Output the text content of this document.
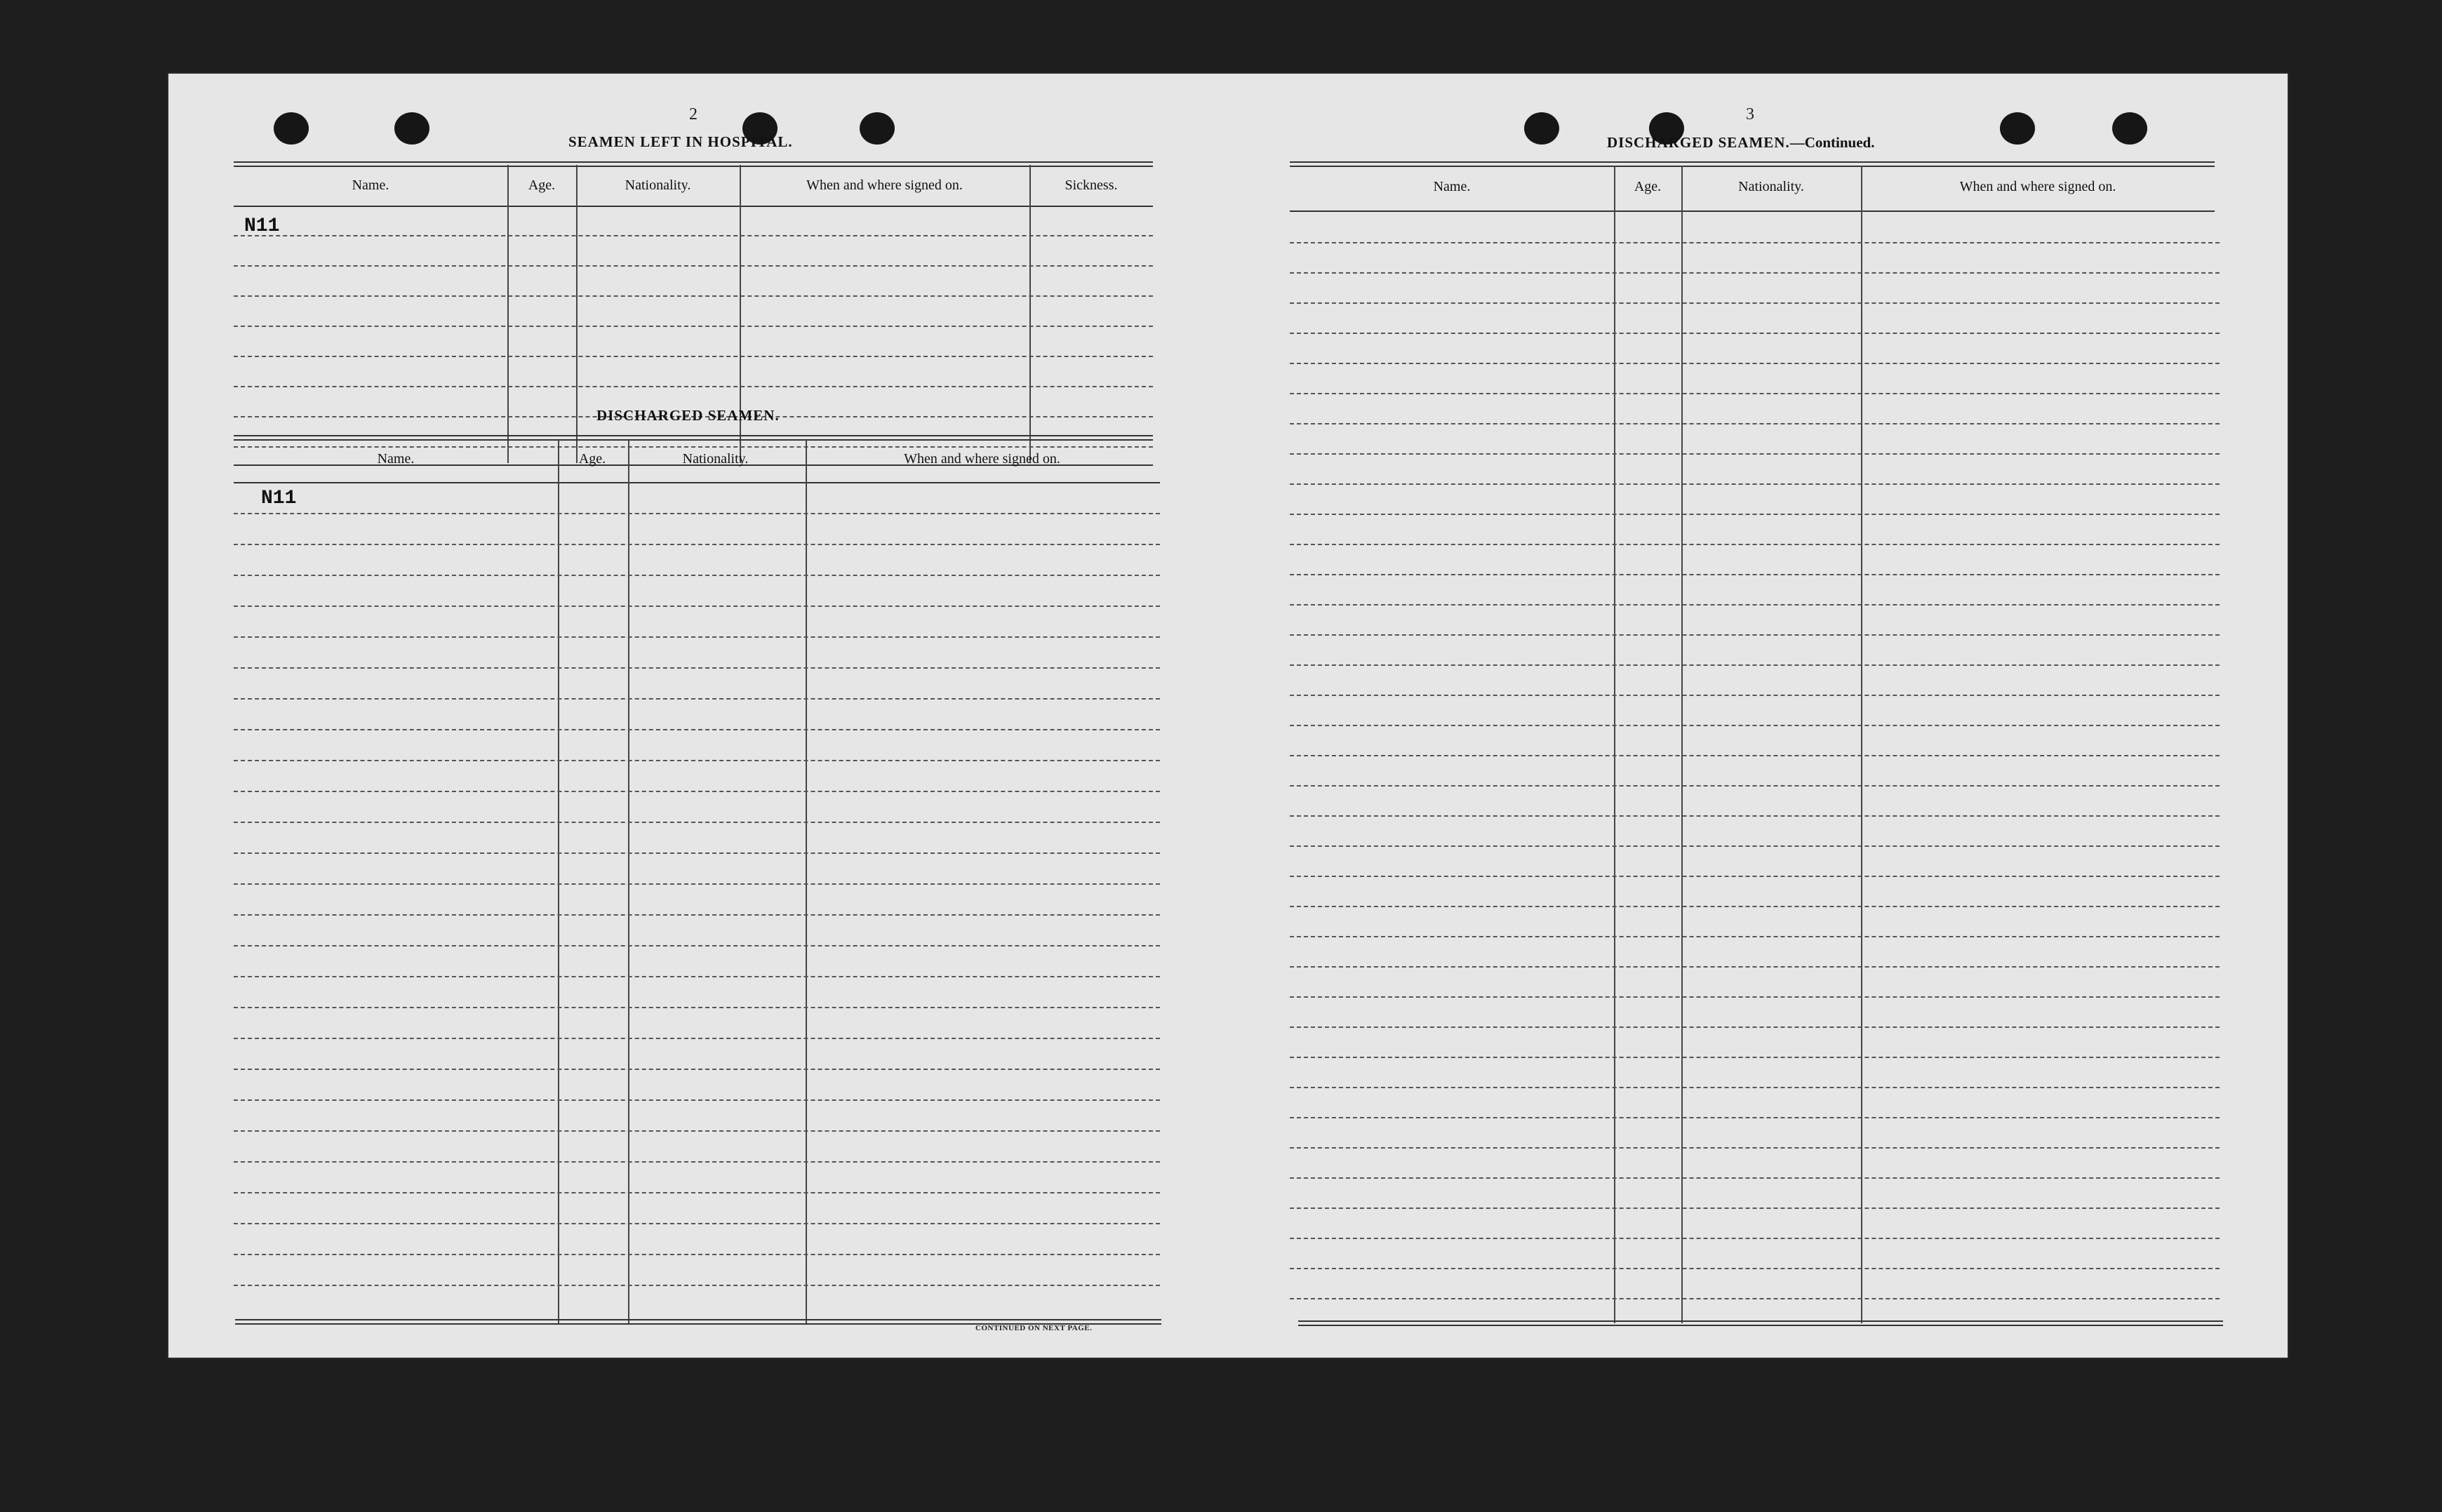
2
SEAMEN LEFT IN HOSPITAL.
Name.	Age.	Nationality.	When and where signed on.	Sickness.
N11
DISCHARGED SEAMEN.
Name.	Age.	Nationality.	When and where signed on.
N11
CONTINUED ON NEXT PAGE.
3
DISCHARGED SEAMEN.—Continued.
Name.	Age.	Nationality.	When and where signed on.
